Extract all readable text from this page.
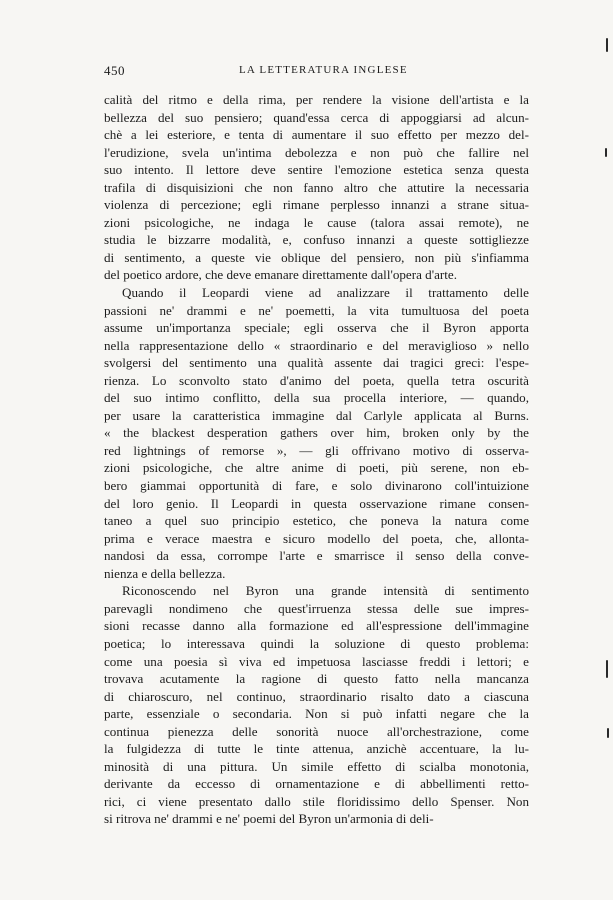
450	LA LETTERATURA INGLESE
calità del ritmo e della rima, per rendere la visione dell'artista e la
bellezza del suo pensiero; quand'essa cerca di appoggiarsi ad alcun-
chè a lei esteriore, e tenta di aumentare il suo effetto per mezzo del-
l'erudizione, svela un'intima debolezza e non può che fallire nel
suo intento. Il lettore deve sentire l'emozione estetica senza questa
trafila di disquisizioni che non fanno altro che attutire la necessaria
violenza di percezione; egli rimane perplesso innanzi a strane situa-
zioni psicologiche, ne indaga le cause (talora assai remote), ne
studia le bizzarre modalità, e, confuso innanzi a queste sottigliezze
di sentimento, a queste vie oblique del pensiero, non più s'infiamma
del poetico ardore, che deve emanare direttamente dall'opera d'arte.
Quando il Leopardi viene ad analizzare il trattamento delle
passioni ne' drammi e ne' poemetti, la vita tumultuosa del poeta
assume un'importanza speciale; egli osserva che il Byron apporta
nella rappresentazione dello « straordinario e del meraviglioso » nello
svolgersi del sentimento una qualità assente dai tragici greci: l'espe-
rienza. Lo sconvolto stato d'animo del poeta, quella tetra oscurità
del suo intimo conflitto, della sua procella interiore, — quando,
per usare la caratteristica immagine dal Carlyle applicata al Burns.
« the blackest desperation gathers over him, broken only by the
red lightnings of remorse », — gli offrivano motivo di osserva-
zioni psicologiche, che altre anime di poeti, più serene, non eb-
bero giammai opportunità di fare, e solo divinarono coll'intuizione
del loro genio. Il Leopardi in questa osservazione rimane consen-
taneo a quel suo principio estetico, che poneva la natura come
prima e verace maestra e sicuro modello del poeta, che, allonta-
nandosi da essa, corrompe l'arte e smarrisce il senso della conve-
nienza e della bellezza.
Riconoscendo nel Byron una grande intensità di sentimento
parevagli nondimeno che quest'irruenza stessa delle sue impres-
sioni recasse danno alla formazione ed all'espressione dell'immagine
poetica; lo interessava quindi la soluzione di questo problema:
come una poesia sì viva ed impetuosa lasciasse freddi i lettori; e
trovava acutamente la ragione di questo fatto nella mancanza
di chiaroscuro, nel continuo, straordinario risalto dato a ciascuna
parte, essenziale o secondaria. Non si può infatti negare che la
continua pienezza delle sonorità nuoce all'orchestrazione, come
la fulgidezza di tutte le tinte attenua, anzichè accentuare, la lu-
minosità di una pittura. Un simile effetto di scialba monotonia,
derivante da eccesso di ornamentazione e di abbellimenti retto-
rici, ci viene presentato dallo stile floridissimo dello Spenser. Non
si ritrova ne' drammi e ne' poemi del Byron un'armonia di deli-
